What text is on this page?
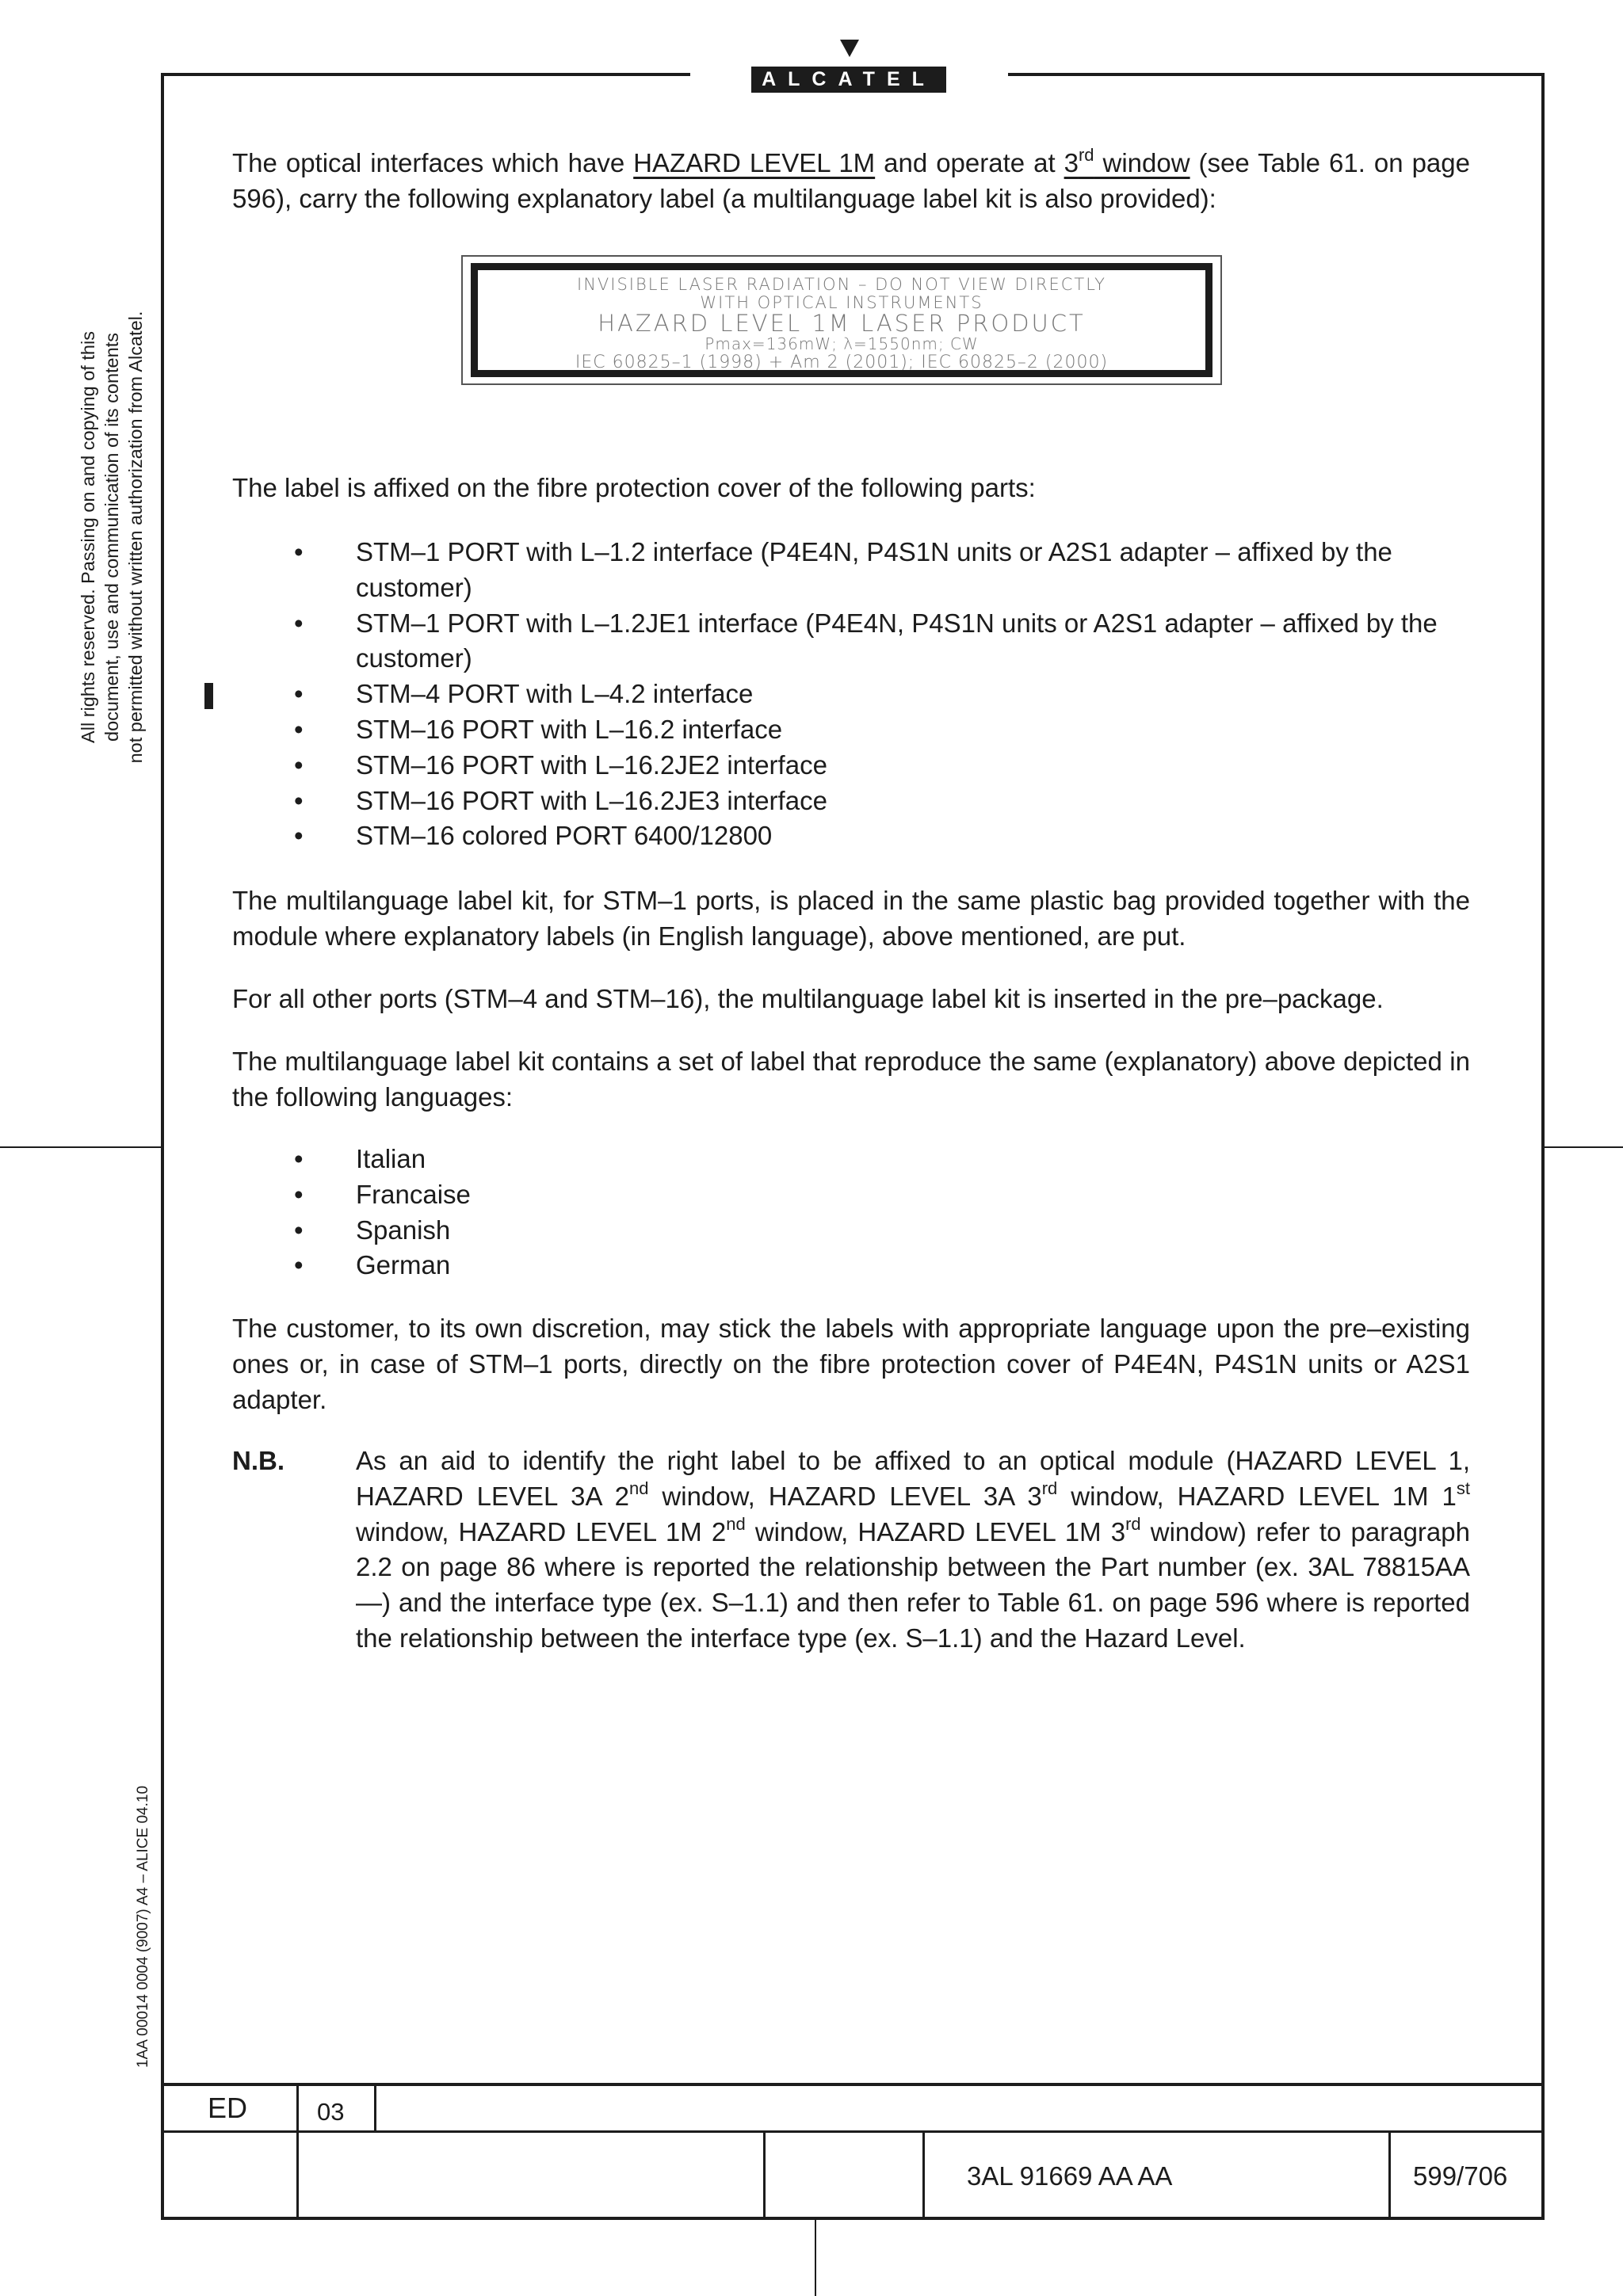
ALCATEL
All rights reserved. Passing on and copying of this document, use and communication of its contents not permitted without written authorization from Alcatel.
1AA 00014 0004 (9007) A4 – ALICE 04.10
The optical interfaces which have HAZARD LEVEL 1M and operate at 3rd window (see Table 61. on page 596), carry the following explanatory label (a multilanguage label kit is also provided):
INVISIBLE LASER RADIATION – DO NOT VIEW DIRECTLY
WITH OPTICAL INSTRUMENTS
HAZARD LEVEL 1M LASER PRODUCT
Pmax=136mW; λ=1550nm; CW
IEC 60825–1 (1998) + Am 2 (2001); IEC 60825–2 (2000)
The label is affixed on the fibre protection cover of the following parts:
• STM–1 PORT with L–1.2 interface (P4E4N, P4S1N units or A2S1 adapter – affixed by the customer)
• STM–1 PORT with L–1.2JE1 interface (P4E4N, P4S1N units or A2S1 adapter – affixed by the customer)
• STM–4 PORT with L–4.2 interface
• STM–16 PORT with L–16.2 interface
• STM–16 PORT with L–16.2JE2 interface
• STM–16 PORT with L–16.2JE3 interface
• STM–16 colored PORT 6400/12800
The multilanguage label kit, for STM–1 ports, is placed in the same plastic bag provided together with the module where explanatory labels (in English language), above mentioned, are put.
For all other ports (STM–4 and STM–16), the multilanguage label kit is inserted in the pre–package.
The multilanguage label kit contains a set of label that reproduce the same (explanatory) above depicted in the following languages:
• Italian
• Francaise
• Spanish
• German
The customer, to its own discretion, may stick the labels with appropriate language upon the pre–existing ones or, in case of STM–1 ports, directly on the fibre protection cover of P4E4N, P4S1N units or A2S1 adapter.
N.B.	As an aid to identify the right label to be affixed to an optical module (HAZARD LEVEL 1, HAZARD LEVEL 3A 2nd window, HAZARD LEVEL 3A 3rd window, HAZARD LEVEL 1M 1st window, HAZARD LEVEL 1M 2nd window, HAZARD LEVEL 1M 3rd window) refer to paragraph 2.2 on page 86 where is reported the relationship between the Part number (ex. 3AL 78815AA—) and the interface type (ex. S–1.1) and then refer to Table 61. on page 596 where is reported the relationship between the interface type (ex. S–1.1) and the Hazard Level.
ED	03
3AL 91669 AA AA	599/706
